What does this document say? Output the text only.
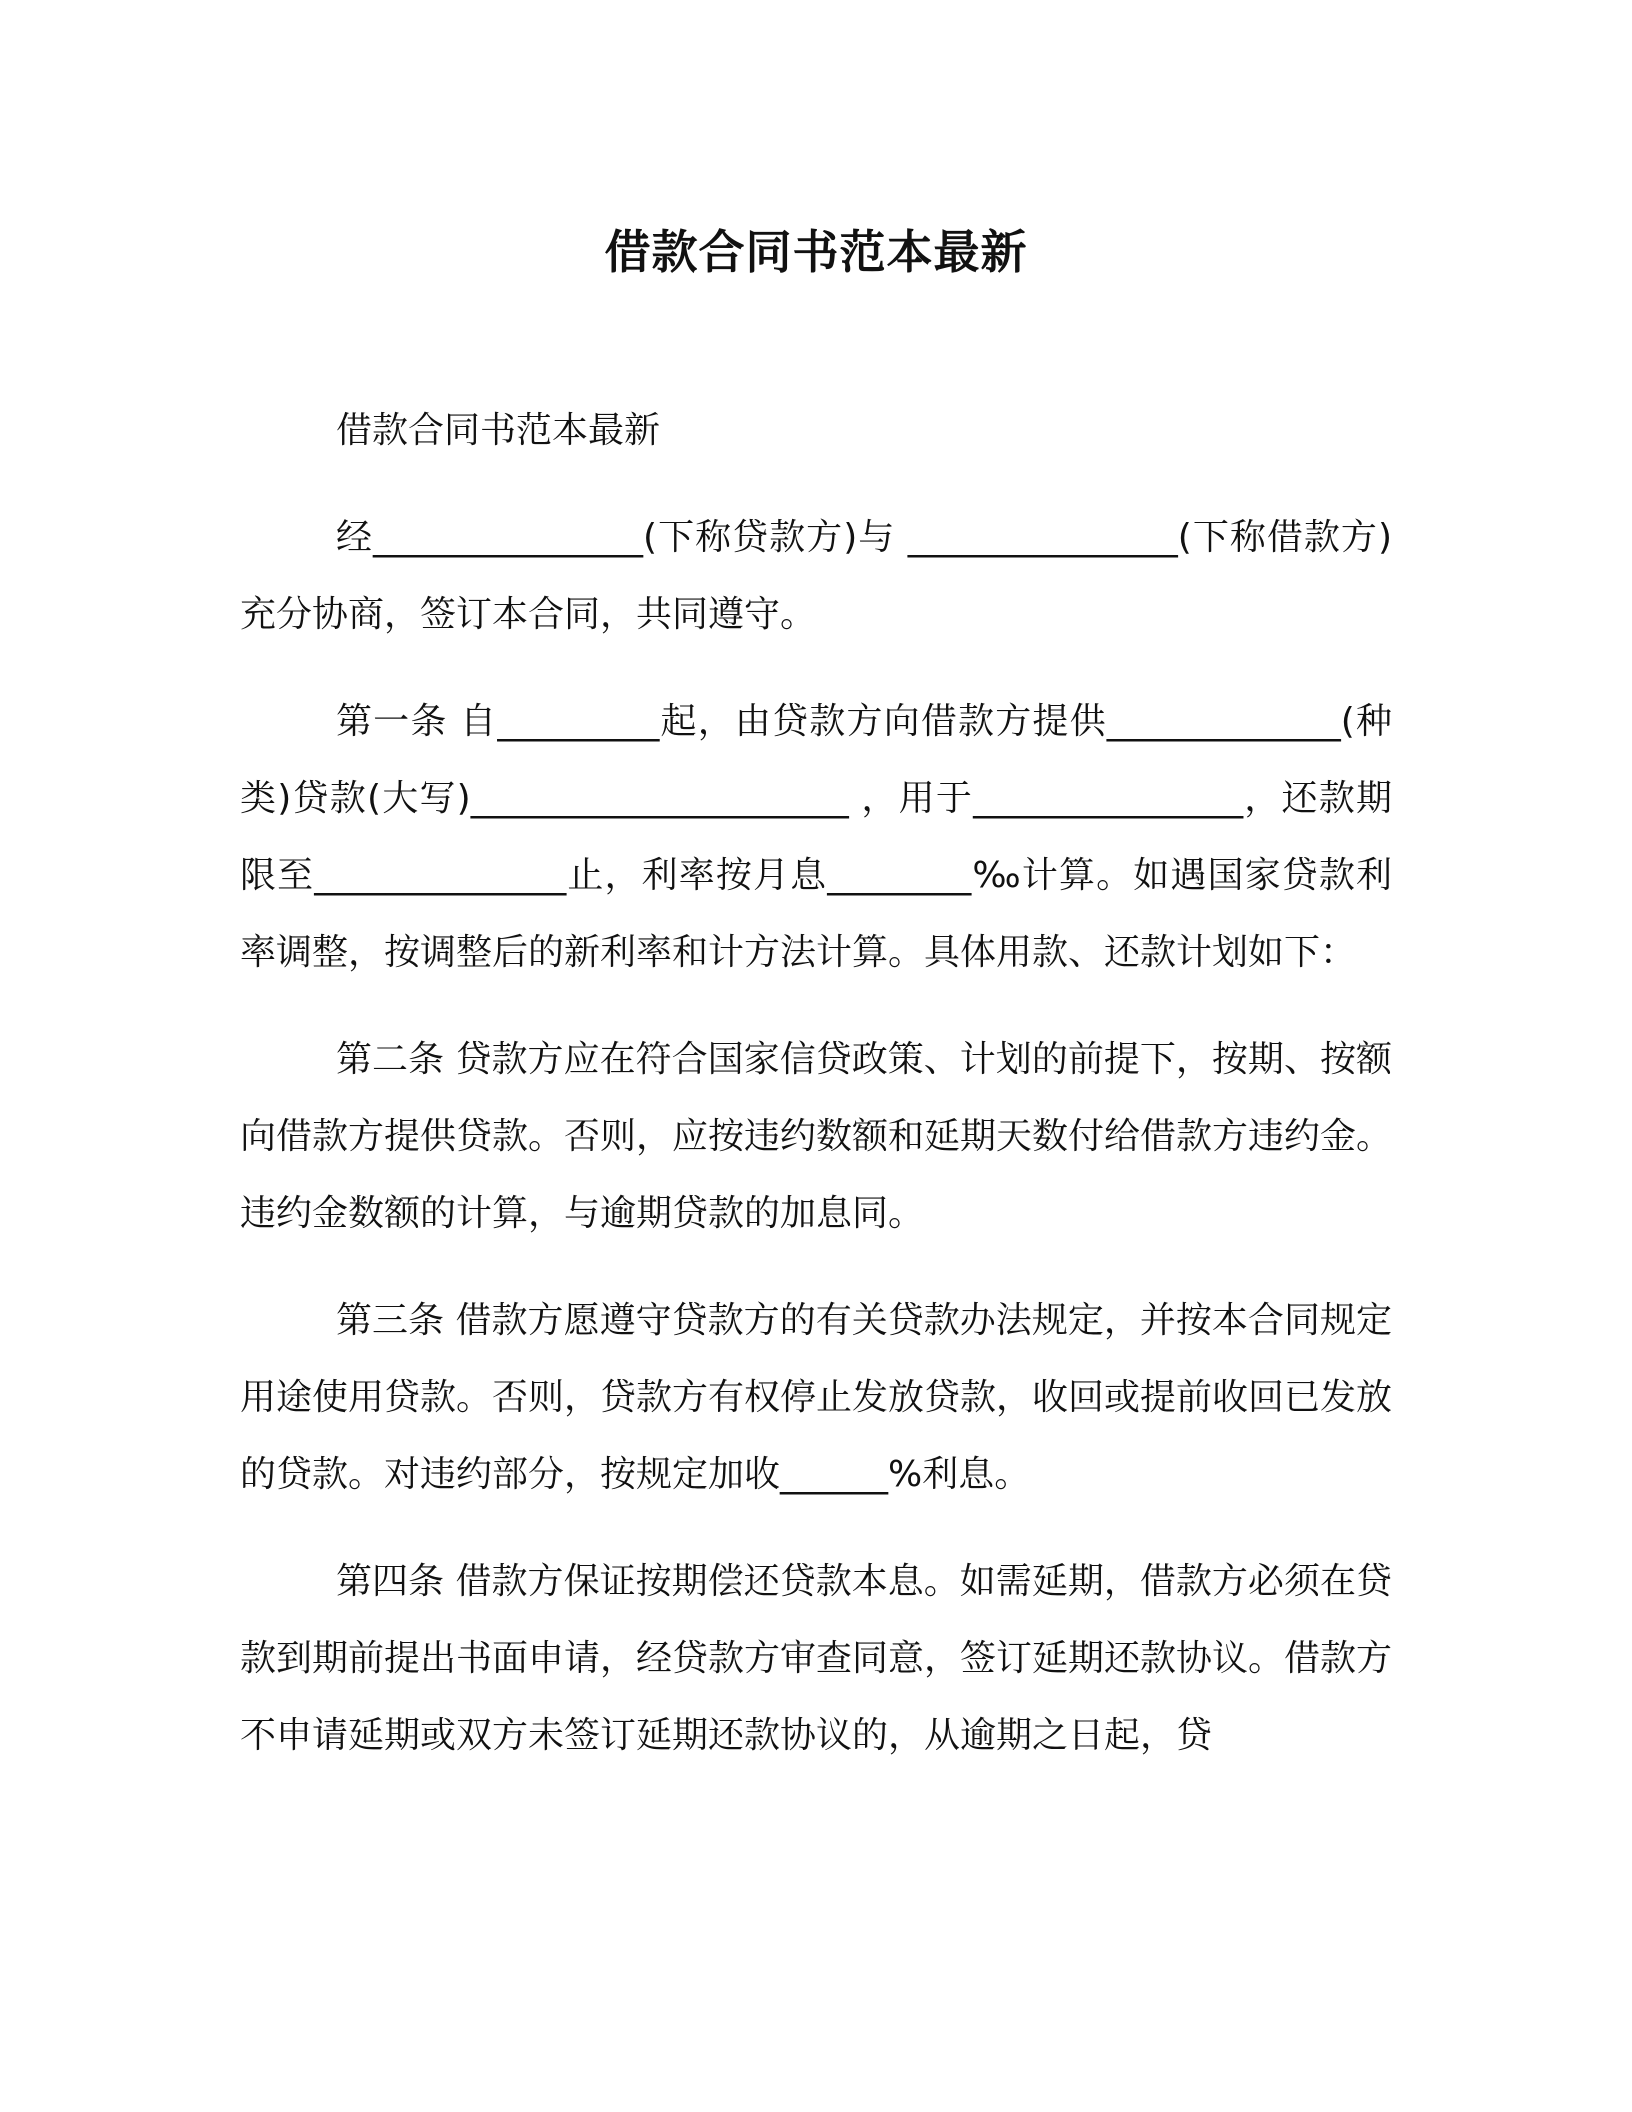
借款合同书范本最新

借款合同书范本最新

经_______________(下称贷款方)与 _______________(下称借款方)充分协商，签订本合同，共同遵守。

第一条 自_________起，由贷款方向借款方提供_____________(种类)贷款(大写)_____________________ ，用于_______________，还款期限至______________止，利率按月息________‰计算。如遇国家贷款利率调整，按调整后的新利率和计方法计算。具体用款、还款计划如下：

第二条 贷款方应在符合国家信贷政策、计划的前提下，按期、按额向借款方提供贷款。否则，应按违约数额和延期天数付给借款方违约金。违约金数额的计算，与逾期贷款的加息同。

第三条 借款方愿遵守贷款方的有关贷款办法规定，并按本合同规定用途使用贷款。否则，贷款方有权停止发放贷款，收回或提前收回已发放的贷款。对违约部分，按规定加收______%利息。

第四条 借款方保证按期偿还贷款本息。如需延期，借款方必须在贷款到期前提出书面申请，经贷款方审查同意，签订延期还款协议。借款方不申请延期或双方未签订延期还款协议的，从逾期之日起，贷
